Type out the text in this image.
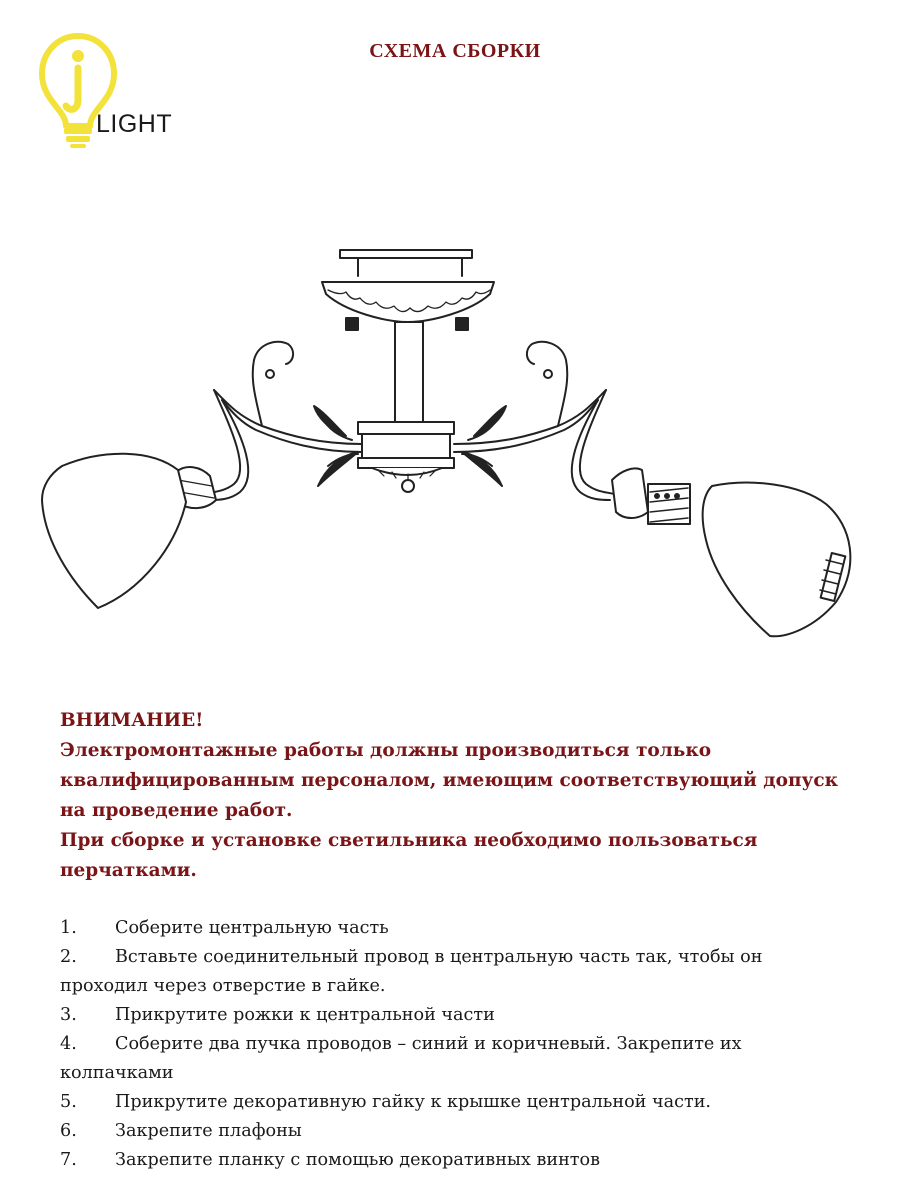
LIGHT
СХЕМА СБОРКИ

ВНИМАНИЕ!

Электромонтажные работы должны производиться только

квалифицированным персоналом, имеющим соответствующий допуск

на проведение работ.

При сборке и установке светильника необходимо пользоваться

перчатками.

1. Соберите центральную часть

2. Вставьте соединительный провод в центральную часть так, чтобы он

проходил через отверстие в гайке.

3. Прикрутите рожки к центральной части

4. Соберите два пучка проводов – синий и коричневый. Закрепите их

колпачками

5. Прикрутите декоративную гайку к крышке центральной части.

6. Закрепите плафоны

7. Закрепите планку с помощью декоративных винтов
